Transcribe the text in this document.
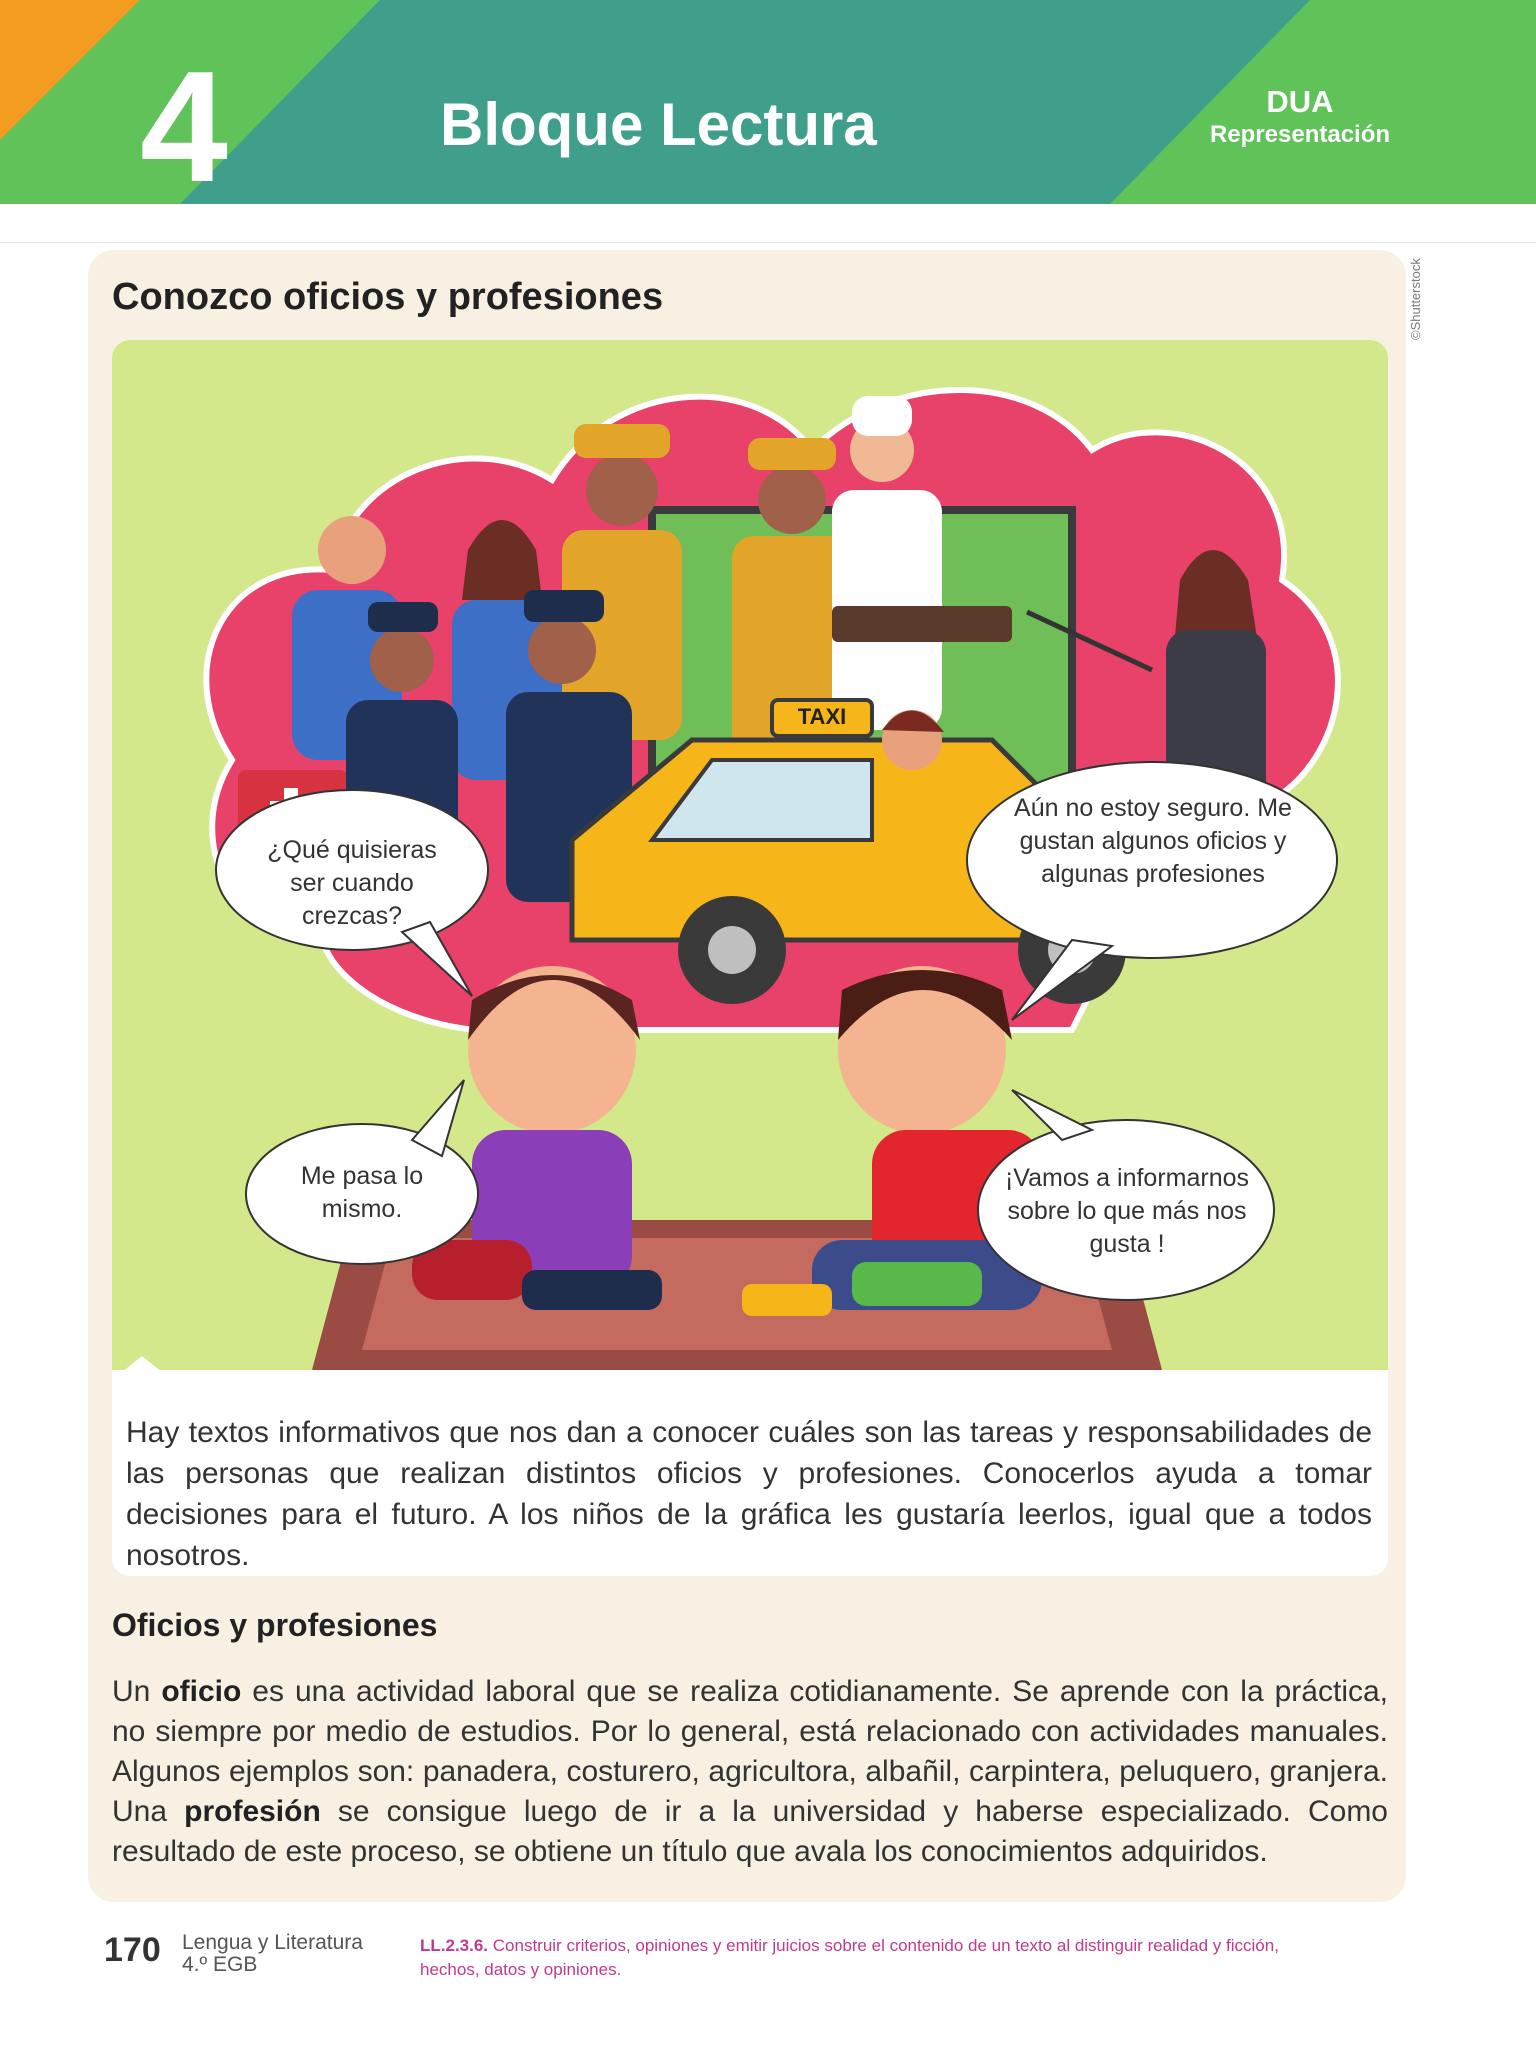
4	Bloque Lectura	DUA
Representación
Conozco oficios y profesiones	©Shutterstock
¿Qué quisieras ser cuando crezcas?
Aún no estoy seguro. Me gustan algunos oficios y algunas profesiones
Me pasa lo mismo.
¡Vamos a informarnos sobre lo que más nos gusta !
TAXI
Hay textos informativos que nos dan a conocer cuáles son las tareas y responsabilidades de las personas que realizan distintos oficios y profesiones. Conocerlos ayuda a tomar decisiones para el futuro. A los niños de la gráfica les gustaría leerlos, igual que a todos nosotros.
Oficios y profesiones
Un oficio es una actividad laboral que se realiza cotidianamente. Se aprende con la práctica, no siempre por medio de estudios. Por lo general, está relacionado con actividades manuales. Algunos ejemplos son: panadera, costurero, agricultora, albañil, carpintera, peluquero, granjera. Una profesión se consigue luego de ir a la universidad y haberse especializado. Como resultado de este proceso, se obtiene un título que avala los conocimientos adquiridos.
170 Lengua y Literatura
4.º EGB
LL.2.3.6. Construir criterios, opiniones y emitir juicios sobre el contenido de un texto al distinguir realidad y ficción, hechos, datos y opiniones.
